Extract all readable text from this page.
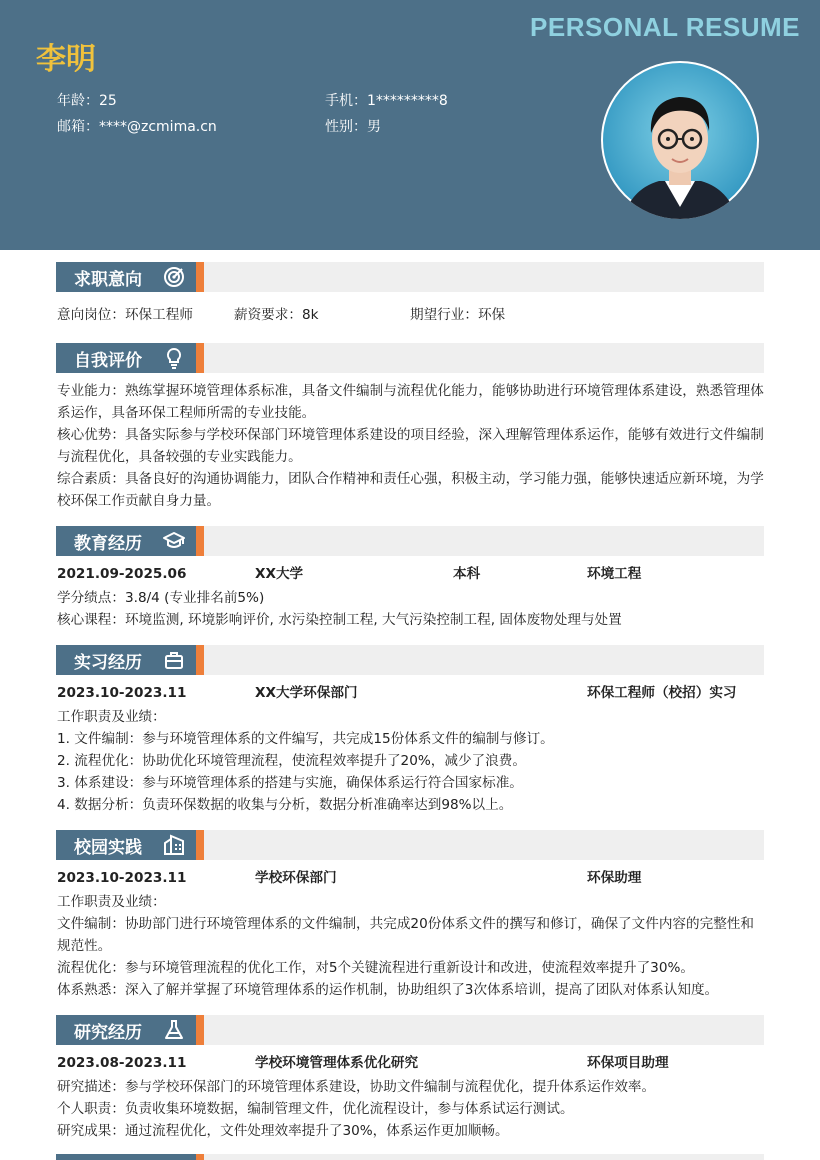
PERSONAL RESUME
李明
年龄：25	手机：1*********8
邮箱：****@zcmima.cn	性别：男
求职意向
意向岗位：环保工程师	薪资要求：8k	期望行业：环保
自我评价
专业能力：熟练掌握环境管理体系标准，具备文件编制与流程优化能力，能够协助进行环境管理体系建设，熟悉管理体系运作，具备环保工程师所需的专业技能。
核心优势：具备实际参与学校环保部门环境管理体系建设的项目经验，深入理解管理体系运作，能够有效进行文件编制与流程优化，具备较强的专业实践能力。
综合素质：具备良好的沟通协调能力，团队合作精神和责任心强，积极主动，学习能力强，能够快速适应新环境，为学校环保工作贡献自身力量。
教育经历
2021.09-2025.06	XX大学	本科	环境工程
学分绩点：3.8/4 (专业排名前5%)
核心课程：环境监测, 环境影响评价, 水污染控制工程, 大气污染控制工程, 固体废物处理与处置
实习经历
2023.10-2023.11	XX大学环保部门	环保工程师（校招）实习
工作职责及业绩：
1. 文件编制：参与环境管理体系的文件编写，共完成15份体系文件的编制与修订。
2. 流程优化：协助优化环境管理流程，使流程效率提升了20%，减少了浪费。
3. 体系建设：参与环境管理体系的搭建与实施，确保体系运行符合国家标准。
4. 数据分析：负责环保数据的收集与分析，数据分析准确率达到98%以上。
校园实践
2023.10-2023.11	学校环保部门	环保助理
工作职责及业绩：
文件编制：协助部门进行环境管理体系的文件编制，共完成20份体系文件的撰写和修订，确保了文件内容的完整性和规范性。
流程优化：参与环境管理流程的优化工作，对5个关键流程进行重新设计和改进，使流程效率提升了30%。
体系熟悉：深入了解并掌握了环境管理体系的运作机制，协助组织了3次体系培训，提高了团队对体系认知度。
研究经历
2023.08-2023.11	学校环境管理体系优化研究	环保项目助理
研究描述：参与学校环保部门的环境管理体系建设，协助文件编制与流程优化，提升体系运作效率。
个人职责：负责收集环境数据，编制管理文件，优化流程设计，参与体系试运行测试。
研究成果：通过流程优化，文件处理效率提升了30%，体系运作更加顺畅。
